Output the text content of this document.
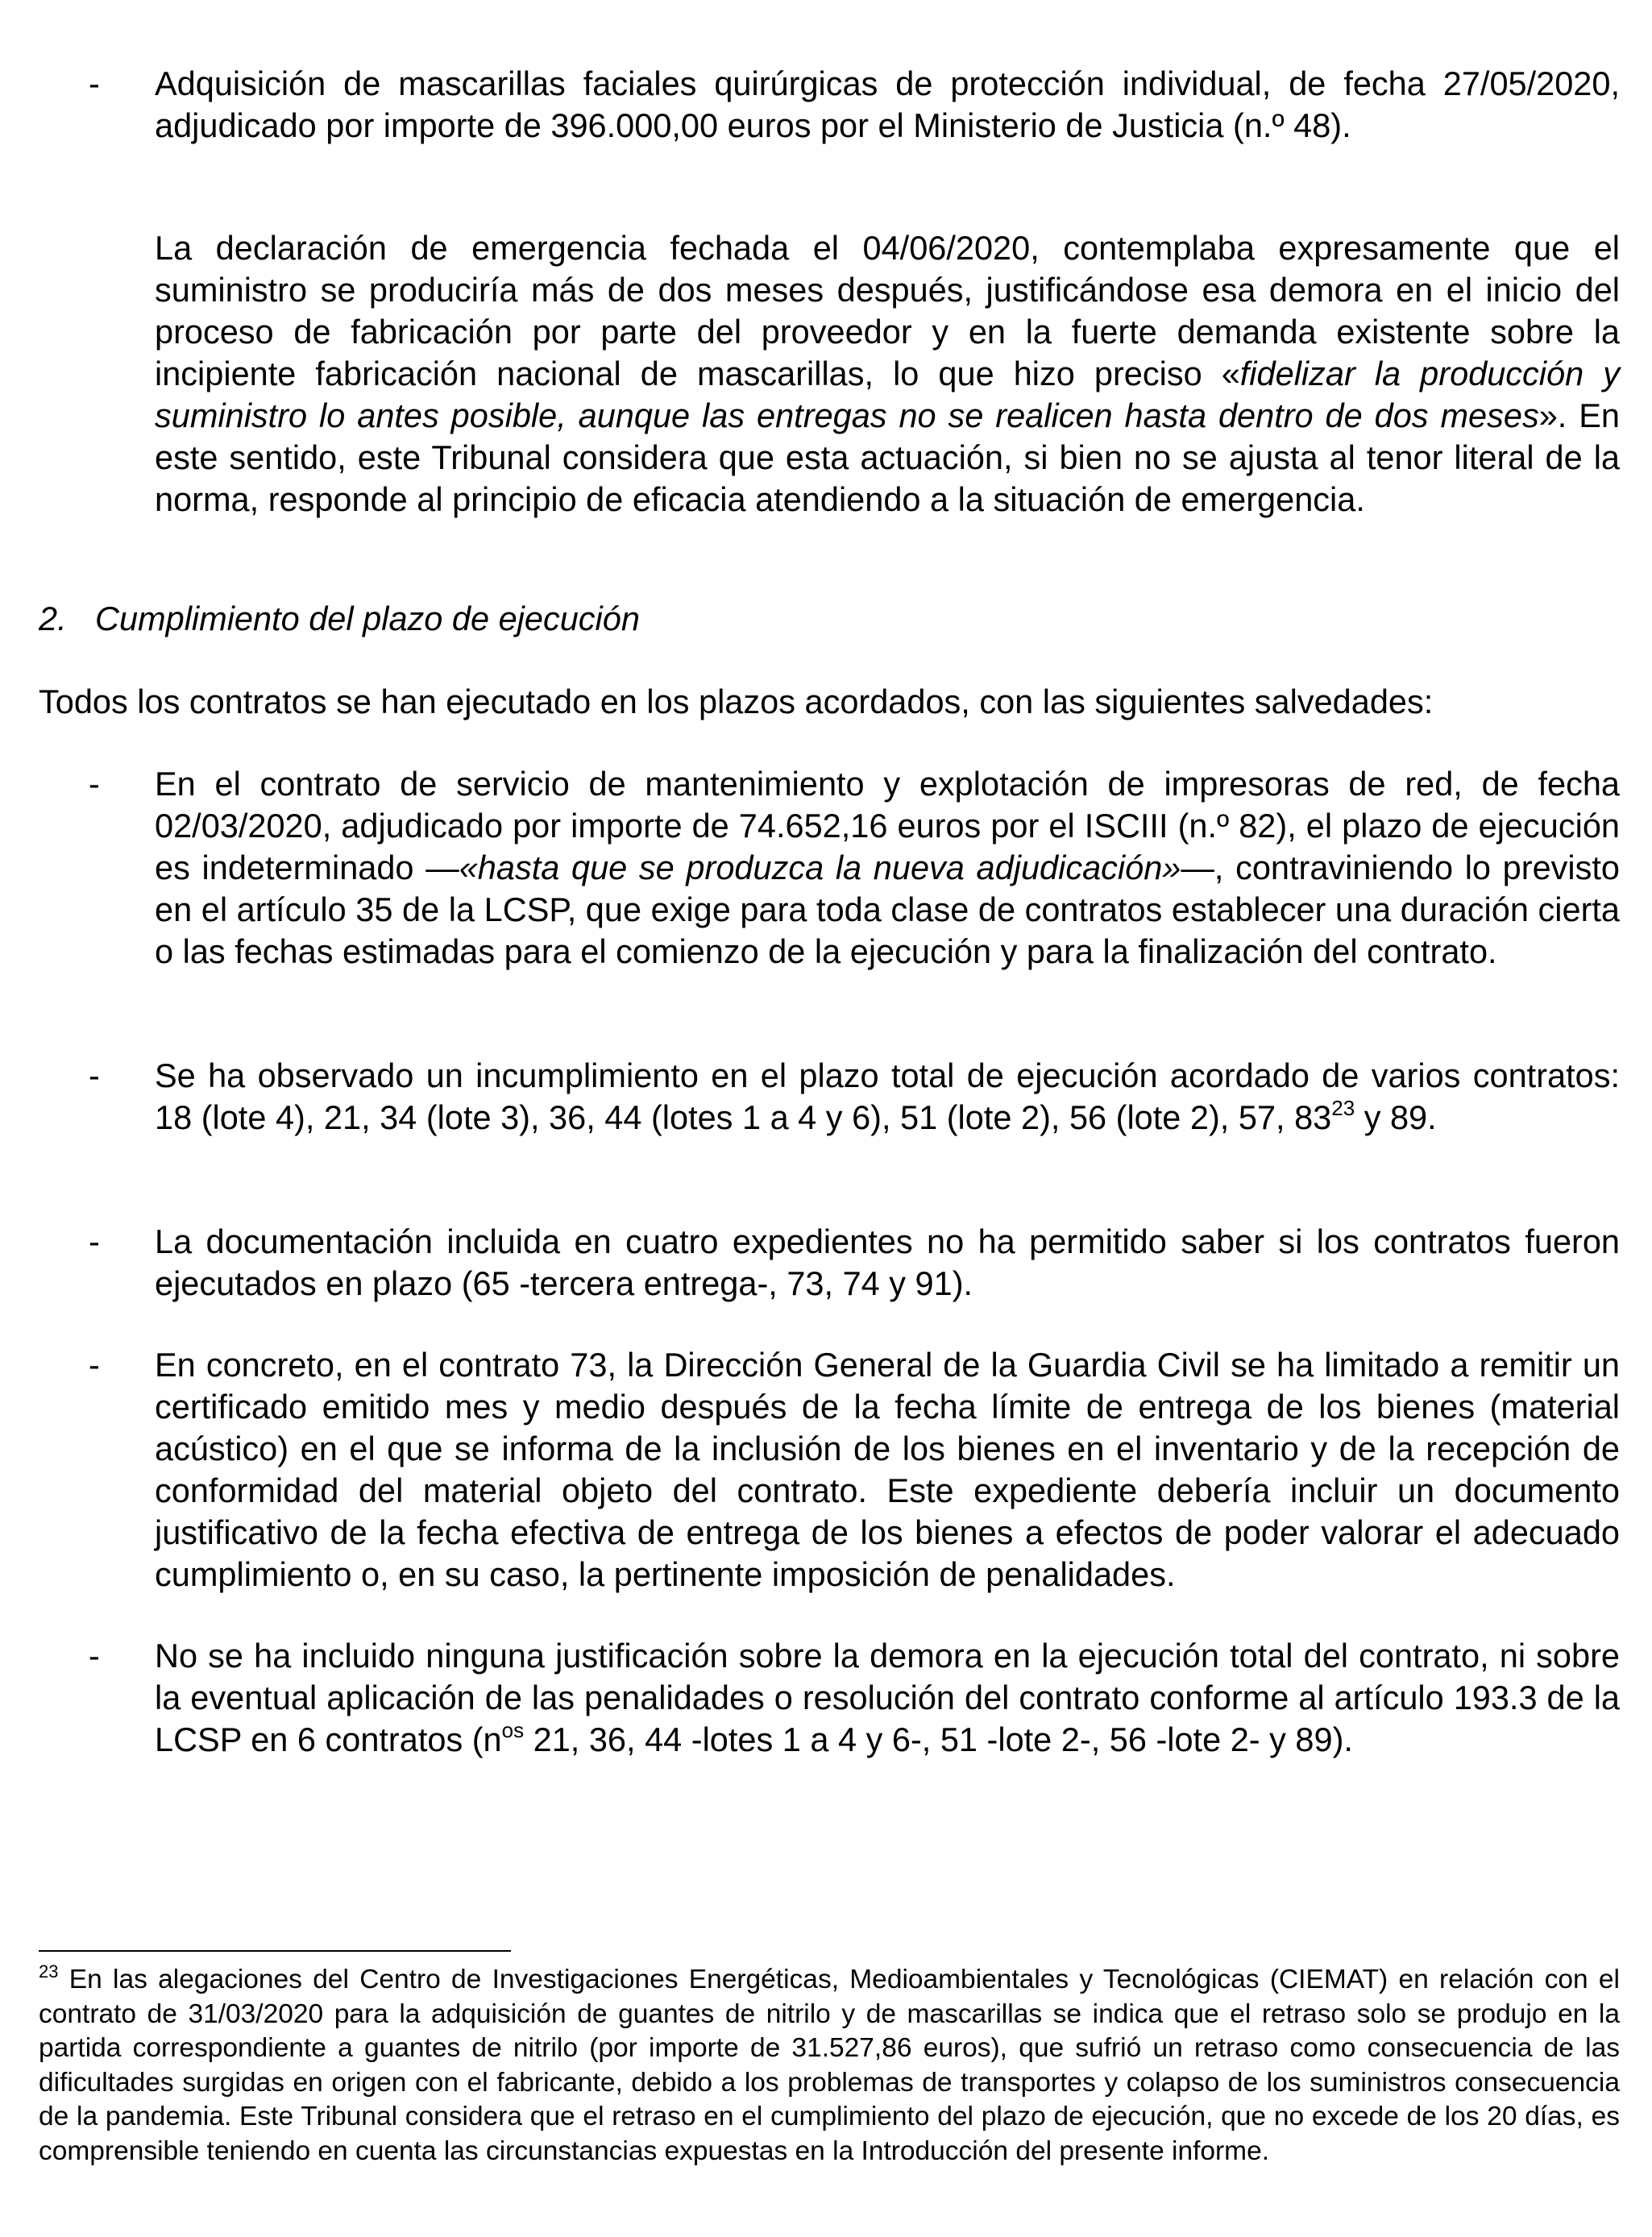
- Adquisición de mascarillas faciales quirúrgicas de protección individual, de fecha 27/05/2020, adjudicado por importe de 396.000,00 euros por el Ministerio de Justicia (n.º 48).
La declaración de emergencia fechada el 04/06/2020, contemplaba expresamente que el suministro se produciría más de dos meses después, justificándose esa demora en el inicio del proceso de fabricación por parte del proveedor y en la fuerte demanda existente sobre la incipiente fabricación nacional de mascarillas, lo que hizo preciso «fidelizar la producción y suministro lo antes posible, aunque las entregas no se realicen hasta dentro de dos meses». En este sentido, este Tribunal considera que esta actuación, si bien no se ajusta al tenor literal de la norma, responde al principio de eficacia atendiendo a la situación de emergencia.
2. Cumplimiento del plazo de ejecución
Todos los contratos se han ejecutado en los plazos acordados, con las siguientes salvedades:
- En el contrato de servicio de mantenimiento y explotación de impresoras de red, de fecha 02/03/2020, adjudicado por importe de 74.652,16 euros por el ISCIII (n.º 82), el plazo de ejecución es indeterminado —«hasta que se produzca la nueva adjudicación»—, contraviniendo lo previsto en el artículo 35 de la LCSP, que exige para toda clase de contratos establecer una duración cierta o las fechas estimadas para el comienzo de la ejecución y para la finalización del contrato.
- Se ha observado un incumplimiento en el plazo total de ejecución acordado de varios contratos: 18 (lote 4), 21, 34 (lote 3), 36, 44 (lotes 1 a 4 y 6), 51 (lote 2), 56 (lote 2), 57, $83^{23}$ y 89.
- La documentación incluida en cuatro expedientes no ha permitido saber si los contratos fueron ejecutados en plazo (65 -tercera entrega-, 73, 74 y 91).
- En concreto, en el contrato 73, la Dirección General de la Guardia Civil se ha limitado a remitir un certificado emitido mes y medio después de la fecha límite de entrega de los bienes (material acústico) en el que se informa de la inclusión de los bienes en el inventario y de la recepción de conformidad del material objeto del contrato. Este expediente debería incluir un documento justificativo de la fecha efectiva de entrega de los bienes a efectos de poder valorar el adecuado cumplimiento o, en su caso, la pertinente imposición de penalidades.
- No se ha incluido ninguna justificación sobre la demora en la ejecución total del contrato, ni sobre la eventual aplicación de las penalidades o resolución del contrato conforme al artículo 193.3 de la LCSP en 6 contratos ($n^{os}$ 21, 36, 44 -lotes 1 a 4 y 6-, 51 -lote 2-, 56 -lote 2- y 89).
$^{23}$ En las alegaciones del Centro de Investigaciones Energéticas, Medioambientales y Tecnológicas (CIEMAT) en relación con el contrato de 31/03/2020 para la adquisición de guantes de nitrilo y de mascarillas se indica que el retraso solo se produjo en la partida correspondiente a guantes de nitrilo (por importe de 31.527,86 euros), que sufrió un retraso como consecuencia de las dificultades surgidas en origen con el fabricante, debido a los problemas de transportes y colapso de los suministros consecuencia de la pandemia. Este Tribunal considera que el retraso en el cumplimiento del plazo de ejecución, que no excede de los 20 días, es comprensible teniendo en cuenta las circunstancias expuestas en la Introducción del presente informe.
